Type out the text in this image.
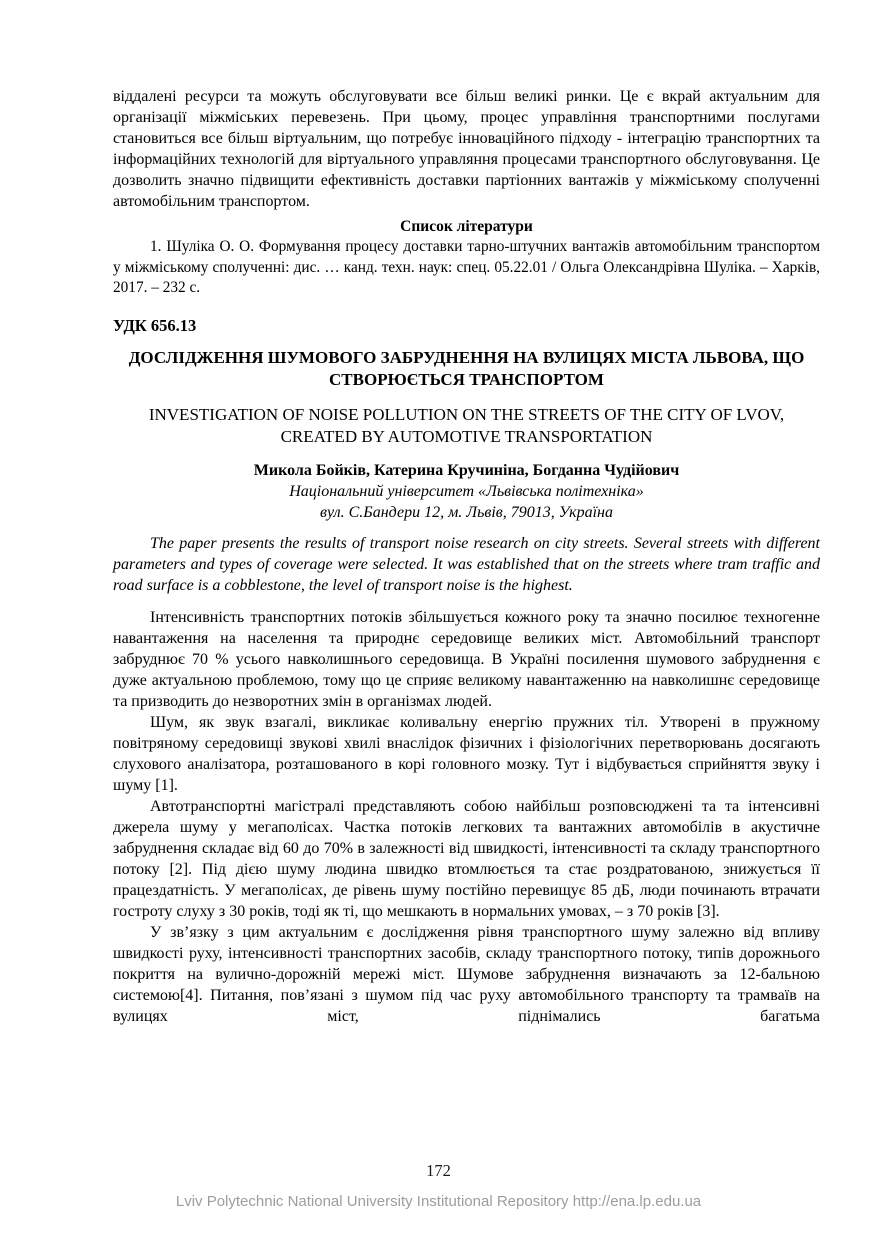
віддалені ресурси та можуть обслуговувати все більш великі ринки. Це є вкрай актуальним для організації міжміських перевезень. При цьому, процес управління транспортними послугами становиться все більш віртуальним, що потребує інноваційного підходу - інтеграцію транспортних та інформаційних технологій для віртуального управляння процесами транспортного обслуговування. Це дозволить значно підвищити ефективність доставки партіонних вантажів у міжміському сполученні автомобільним транспортом.

Список літератури

1. Шуліка О. О. Формування процесу доставки тарно-штучних вантажів автомобільним транспортом у міжміському сполученні: дис. … канд. техн. наук: спец. 05.22.01 / Ольга Олександрівна Шуліка. – Харків, 2017. – 232 с.

УДК 656.13

ДОСЛІДЖЕННЯ ШУМОВОГО ЗАБРУДНЕННЯ НА ВУЛИЦЯХ МІСТА ЛЬВОВА, ЩО СТВОРЮЄТЬСЯ ТРАНСПОРТОМ
INVESTIGATION OF NOISE POLLUTION ON THE STREETS OF THE CITY OF LVOV, CREATED BY AUTOMOTIVE TRANSPORTATION

Микола Бойків, Катерина Кручиніна, Богданна Чудійович

Національний університет «Львівська політехніка»

вул. С.Бандери 12, м. Львів, 79013, Україна

The paper presents the results of transport noise research on city streets. Several streets with different parameters and types of coverage were selected. It was established that on the streets where tram traffic and road surface is a cobblestone, the level of transport noise is the highest.

Інтенсивність транспортних потоків збільшується кожного року та значно посилює техногенне навантаження на населення та природнє середовище великих міст. Автомобільний транспорт забруднює 70 % усього навколишнього середовища. В Україні посилення шумового забруднення є дуже актуальною проблемою, тому що це сприяє великому навантаженню на навколишнє середовище та призводить до незворотних змін в організмах людей.

Шум, як звук взагалі, викликає коливальну енергію пружних тіл. Утворені в пружному повітряному середовищі звукові хвилі внаслідок фізичних і фізіологічних перетворювань досягають слухового аналізатора, розташованого в корі головного мозку. Тут і відбувається сприйняття звуку і шуму [1].

Автотранспортні магістралі представляють собою найбільш розповсюджені та та інтенсивні джерела шуму у мегаполісах. Частка потоків легкових та вантажних автомобілів в акустичне забруднення складає від 60 до 70% в залежності від швидкості, інтенсивності та складу транспортного потоку [2]. Під дією шуму людина швидко втомлюється та стає роздратованою, знижується її працездатність. У мегаполісах, де рівень шуму постійно перевищує 85 дБ, люди починають втрачати гостроту слуху з 30 років, тоді як ті, що мешкають в нормальних умовах, – з 70 років [3].

У зв’язку з цим актуальним є дослідження рівня транспортного шуму залежно від впливу швидкості руху, інтенсивності транспортних засобів, складу транспортного потоку, типів дорожнього покриття на вулично-дорожній мережі міст. Шумове забруднення визначають за 12-бальною системою[4]. Питання, пов’язані з шумом під час руху автомобільного транспорту та трамваїв на вулицях міст, піднімались багатьма

172
Lviv Polytechnic National University Institutional Repository http://ena.lp.edu.ua
